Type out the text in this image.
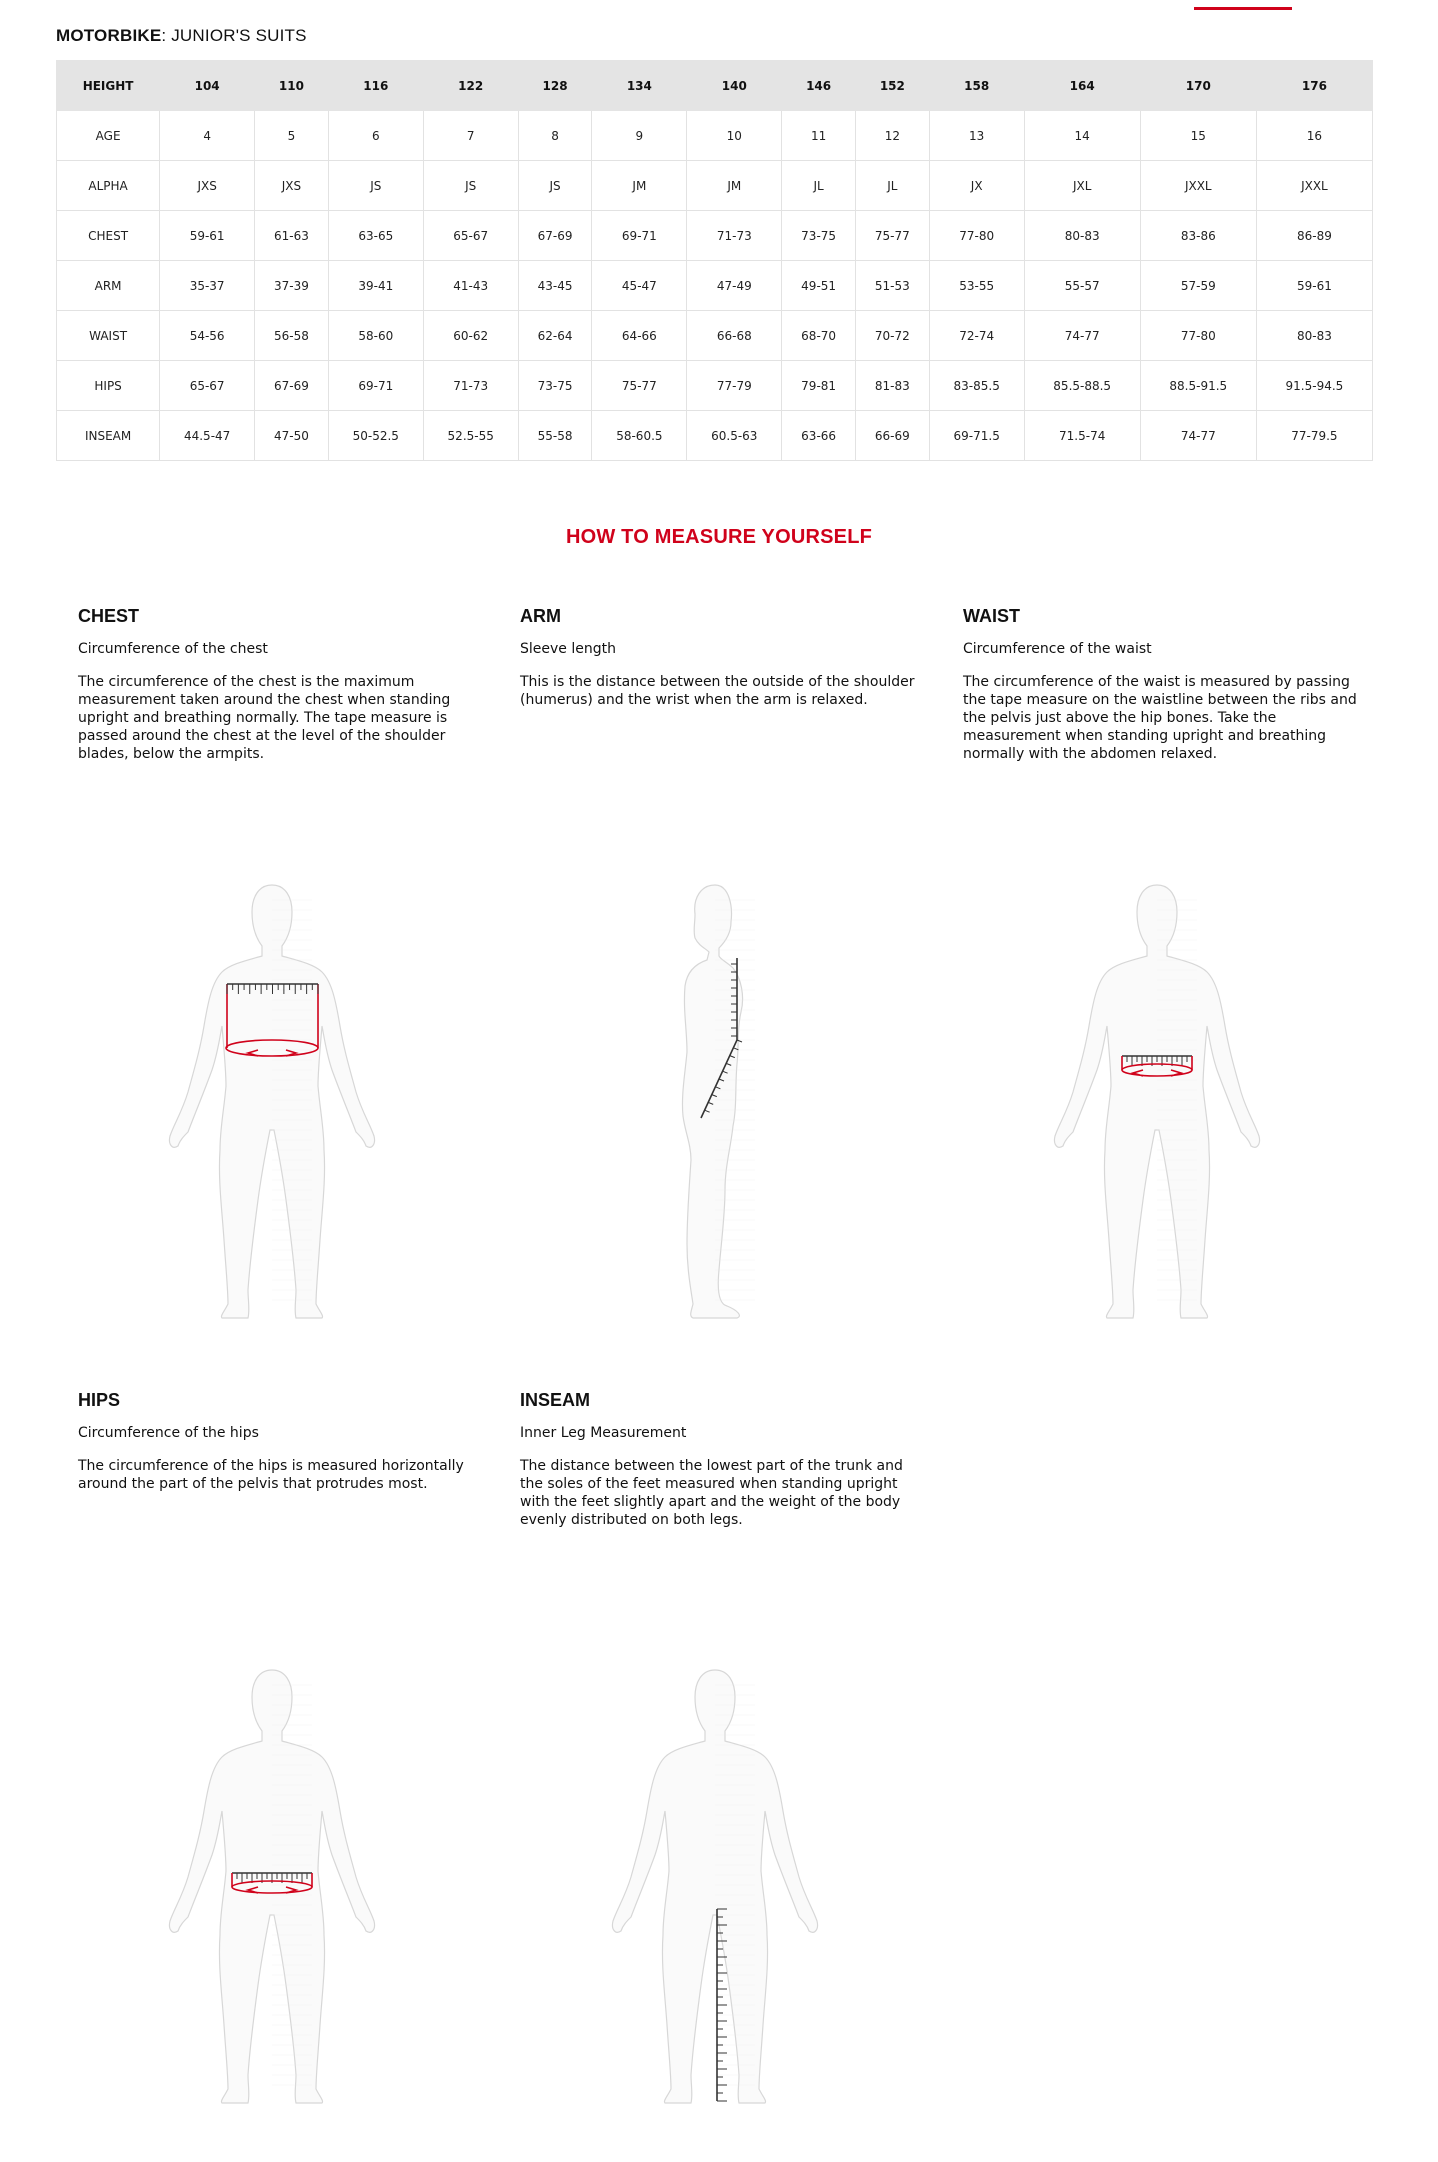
MOTORBIKE: JUNIOR'S SUITS
HEIGHT	104	110	116	122	128	134	140	146	152	158	164	170	176
AGE	4	5	6	7	8	9	10	11	12	13	14	15	16
ALPHA	JXS	JXS	JS	JS	JS	JM	JM	JL	JL	JX	JXL	JXXL	JXXL
CHEST	59-61	61-63	63-65	65-67	67-69	69-71	71-73	73-75	75-77	77-80	80-83	83-86	86-89
ARM	35-37	37-39	39-41	41-43	43-45	45-47	47-49	49-51	51-53	53-55	55-57	57-59	59-61
WAIST	54-56	56-58	58-60	60-62	62-64	64-66	66-68	68-70	70-72	72-74	74-77	77-80	80-83
HIPS	65-67	67-69	69-71	71-73	73-75	75-77	77-79	79-81	81-83	83-85.5	85.5-88.5	88.5-91.5	91.5-94.5
INSEAM	44.5-47	47-50	50-52.5	52.5-55	55-58	58-60.5	60.5-63	63-66	66-69	69-71.5	71.5-74	74-77	77-79.5
HOW TO MEASURE YOURSELF
CHEST

Circumference of the chest

The circumference of the chest is the maximum measurement taken around the chest when standing upright and breathing normally. The tape measure is passed around the chest at the level of the shoulder blades, below the armpits.

ARM

Sleeve length

This is the distance between the outside of the shoulder (humerus) and the wrist when the arm is relaxed.

WAIST

Circumference of the waist

The circumference of the waist is measured by passing the tape measure on the waistline between the ribs and the pelvis just above the hip bones. Take the measurement when standing upright and breathing normally with the abdomen relaxed.

HIPS

Circumference of the hips

The circumference of the hips is measured horizontally around the part of the pelvis that protrudes most.

INSEAM

Inner Leg Measurement

The distance between the lowest part of the trunk and the soles of the feet measured when standing upright with the feet slightly apart and the weight of the body evenly distributed on both legs.
